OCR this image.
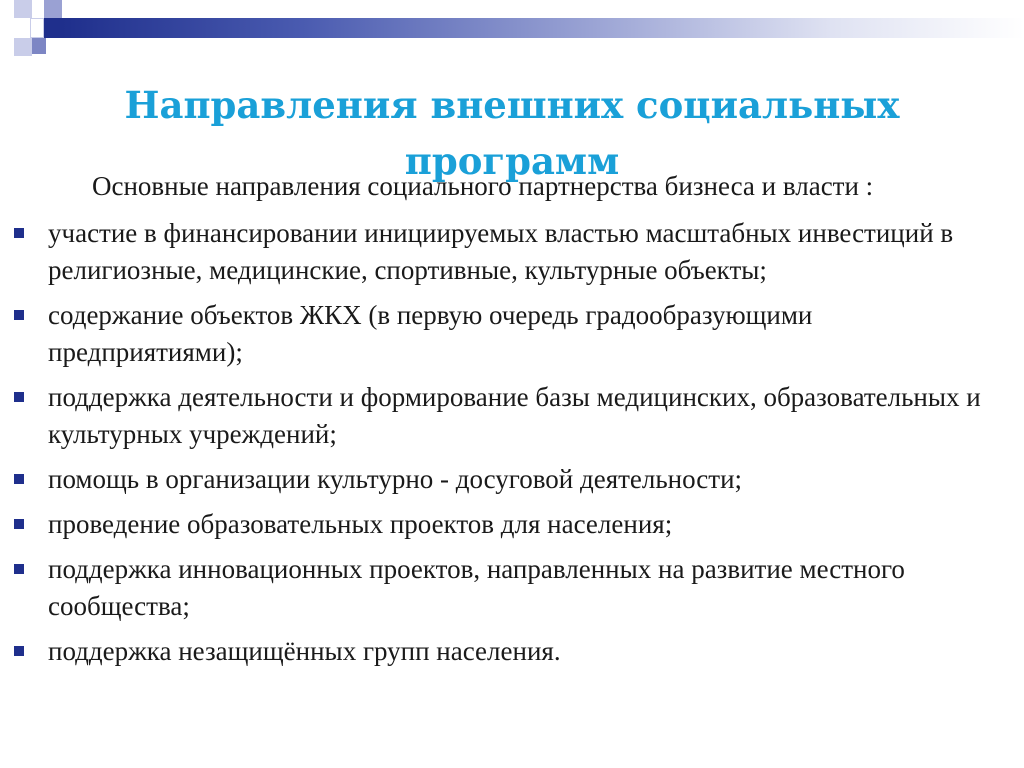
Направления внешних социальных программ

Основные направления социального партнерства бизнеса и власти :

участие в финансировании инициируемых властью масштабных инвестиций в религиозные, медицинские, спортивные, культурные объекты;
содержание объектов ЖКХ (в первую очередь градообразующими предприятиями);
поддержка деятельности и формирование базы медицинских, образовательных и культурных учреждений;
помощь в организации культурно - досуговой деятельности;
проведение образовательных проектов для населения;
поддержка инновационных проектов, направленных на развитие местного сообщества;
поддержка незащищённых групп населения.
